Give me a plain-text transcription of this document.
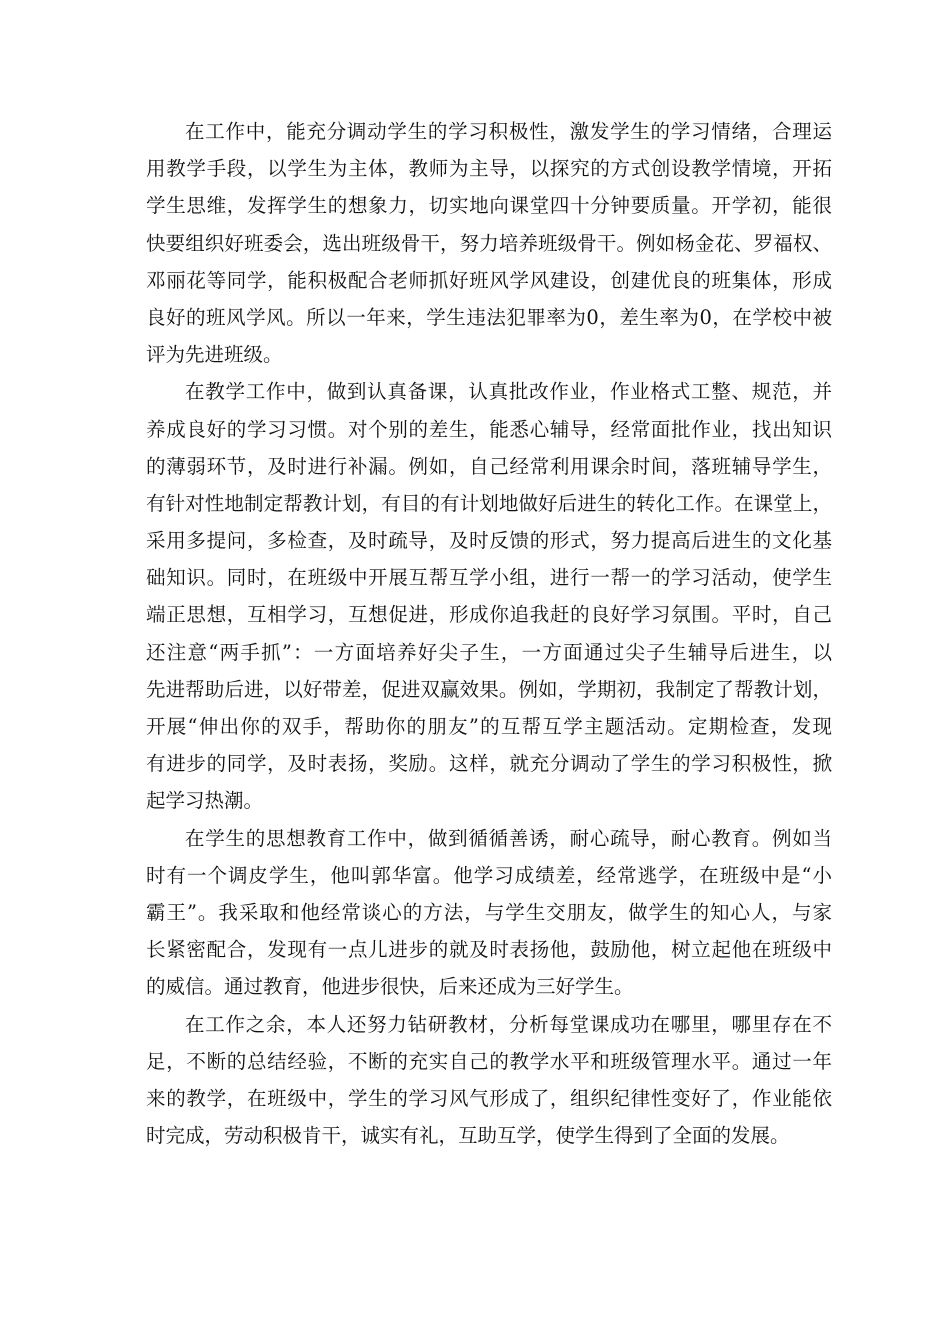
在工作中，能充分调动学生的学习积极性，激发学生的学习情绪，合理运
用教学手段，以学生为主体，教师为主导，以探究的方式创设教学情境，开拓
学生思维，发挥学生的想象力，切实地向课堂四十分钟要质量。开学初，能很
快要组织好班委会，选出班级骨干，努力培养班级骨干。例如杨金花、罗福权、
邓丽花等同学，能积极配合老师抓好班风学风建设，创建优良的班集体，形成
良好的班风学风。所以一年来，学生违法犯罪率为0，差生率为0，在学校中被
评为先进班级。
在教学工作中，做到认真备课，认真批改作业，作业格式工整、规范，并
养成良好的学习习惯。对个别的差生，能悉心辅导，经常面批作业，找出知识
的薄弱环节，及时进行补漏。例如，自己经常利用课余时间，落班辅导学生，
有针对性地制定帮教计划，有目的有计划地做好后进生的转化工作。在课堂上，
采用多提问，多检查，及时疏导，及时反馈的形式，努力提高后进生的文化基
础知识。同时，在班级中开展互帮互学小组，进行一帮一的学习活动，使学生
端正思想，互相学习，互想促进，形成你追我赶的良好学习氛围。平时，自己
还注意“两手抓”：一方面培养好尖子生，一方面通过尖子生辅导后进生，以
先进帮助后进，以好带差，促进双赢效果。例如，学期初，我制定了帮教计划，
开展“伸出你的双手，帮助你的朋友”的互帮互学主题活动。定期检查，发现
有进步的同学，及时表扬，奖励。这样，就充分调动了学生的学习积极性，掀
起学习热潮。
在学生的思想教育工作中，做到循循善诱，耐心疏导，耐心教育。例如当
时有一个调皮学生，他叫郭华富。他学习成绩差，经常逃学，在班级中是“小
霸王”。我采取和他经常谈心的方法，与学生交朋友，做学生的知心人，与家
长紧密配合，发现有一点儿进步的就及时表扬他，鼓励他，树立起他在班级中
的威信。通过教育，他进步很快，后来还成为三好学生。
在工作之余，本人还努力钻研教材，分析每堂课成功在哪里，哪里存在不
足，不断的总结经验，不断的充实自己的教学水平和班级管理水平。通过一年
来的教学，在班级中，学生的学习风气形成了，组织纪律性变好了，作业能依
时完成，劳动积极肯干，诚实有礼，互助互学，使学生得到了全面的发展。
